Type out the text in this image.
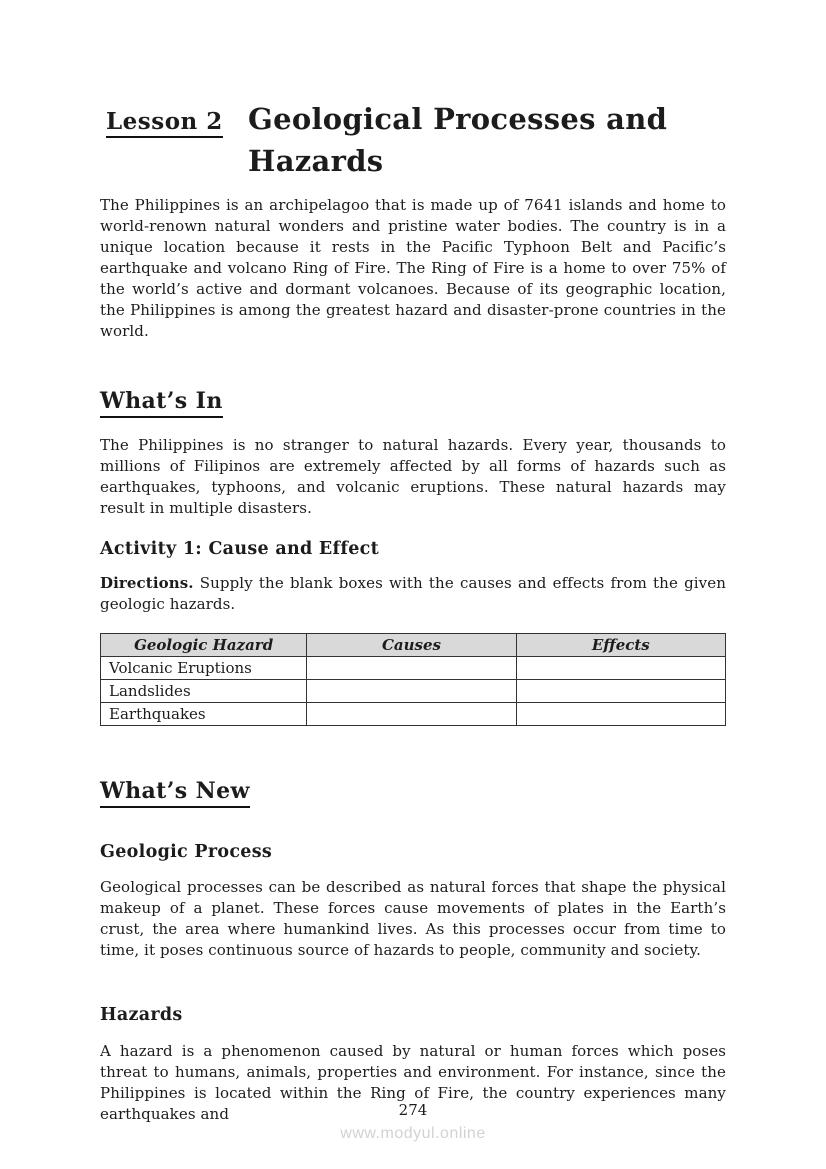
Lesson 2 Geological Processes and Hazards

The Philippines is an archipelagoo that is made up of 7641 islands and home to world-renown natural wonders and pristine water bodies. The country is in a unique location because it rests in the Pacific Typhoon Belt and Pacific’s earthquake and volcano Ring of Fire. The Ring of Fire is a home to over 75% of the world’s active and dormant volcanoes. Because of its geographic location, the Philippines is among the greatest hazard and disaster-prone countries in the world.

What’s In

The Philippines is no stranger to natural hazards. Every year, thousands to millions of Filipinos are extremely affected by all forms of hazards such as earthquakes, typhoons, and volcanic eruptions. These natural hazards may result in multiple disasters.

Activity 1: Cause and Effect

Directions. Supply the blank boxes with the causes and effects from the given geologic hazards.

Geologic Hazard	Causes	Effects
Volcanic Eruptions		
Landslides		
Earthquakes		
What’s New
Geologic Process

Geological processes can be described as natural forces that shape the physical makeup of a planet. These forces cause movements of plates in the Earth’s crust, the area where humankind lives. As this processes occur from time to time, it poses continuous source of hazards to people, community and society.

Hazards

A hazard is a phenomenon caused by natural or human forces which poses threat to humans, animals, properties and environment. For instance, since the Philippines is located within the Ring of Fire, the country experiences many earthquakes and	274
www.modyul.online
